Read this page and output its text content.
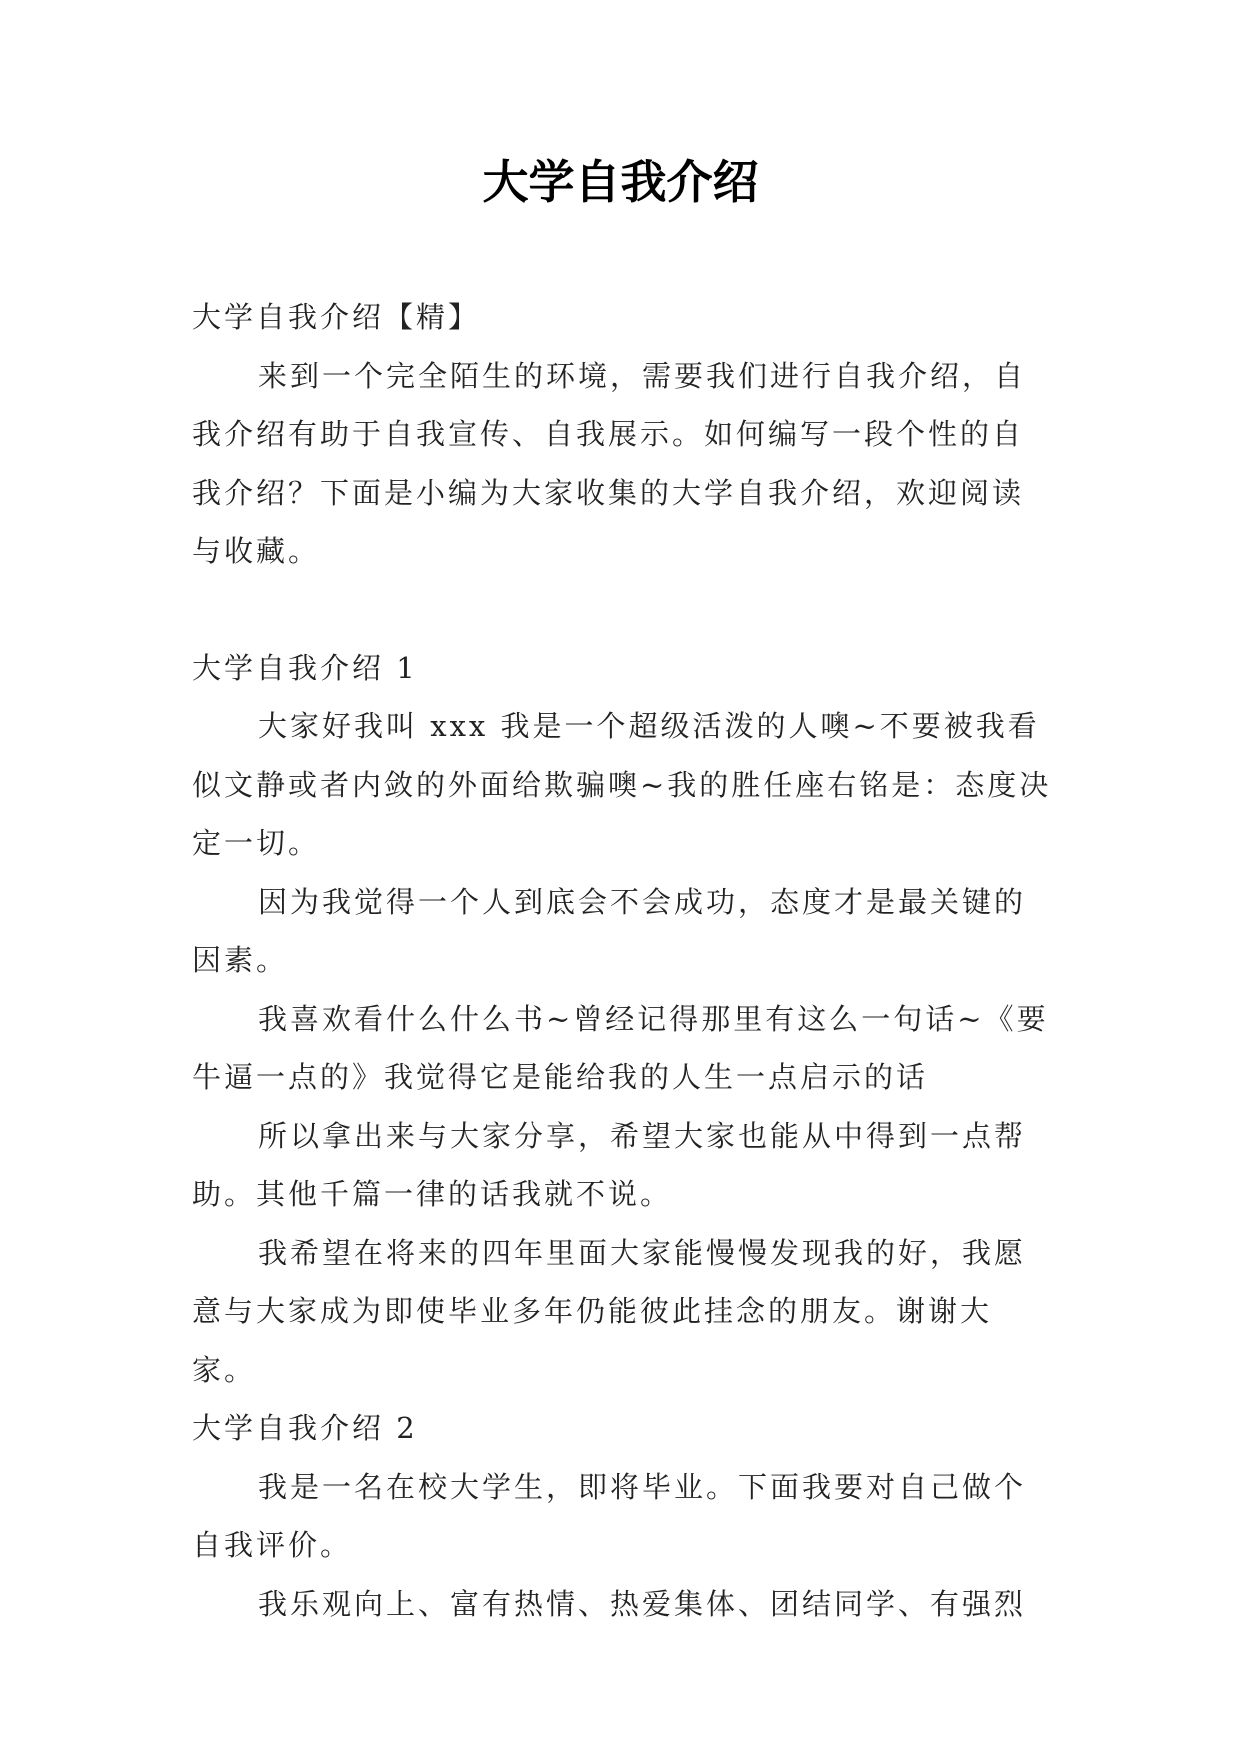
大学自我介绍

大学自我介绍【精】

来到一个完全陌生的环境，需要我们进行自我介绍，自我介绍有助于自我宣传、自我展示。如何编写一段个性的自我介绍？下面是小编为大家收集的大学自我介绍，欢迎阅读与收藏。

大学自我介绍 1

大家好我叫 xxx 我是一个超级活泼的人噢~不要被我看似文静或者内敛的外面给欺骗噢~我的胜任座右铭是：态度决定一切。

因为我觉得一个人到底会不会成功，态度才是最关键的因素。

我喜欢看什么什么书~曾经记得那里有这么一句话~《要牛逼一点的》我觉得它是能给我的人生一点启示的话

所以拿出来与大家分享，希望大家也能从中得到一点帮助。其他千篇一律的话我就不说。

我希望在将来的四年里面大家能慢慢发现我的好，我愿意与大家成为即使毕业多年仍能彼此挂念的朋友。谢谢大家。

大学自我介绍 2

我是一名在校大学生，即将毕业。下面我要对自己做个自我评价。

我乐观向上、富有热情、热爱集体、团结同学、有强烈
